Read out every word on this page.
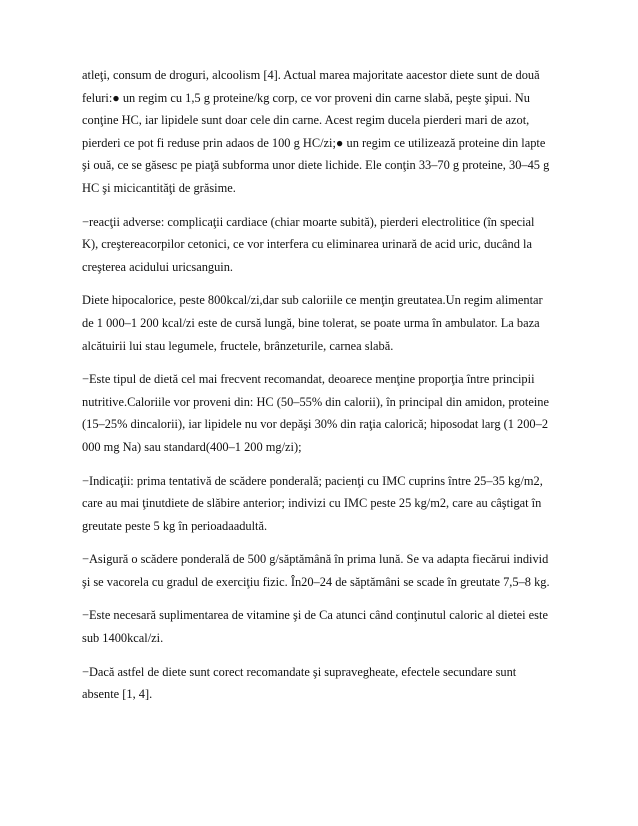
atleţi, consum de droguri, alcoolism [4]. Actual marea majoritate aacestor diete sunt de două feluri:● un regim cu 1,5 g proteine/kg corp, ce vor proveni din carne slabă, peşte şipui. Nu conţine HC, iar lipidele sunt doar cele din carne. Acest regim ducela pierderi mari de azot, pierderi ce pot fi reduse prin adaos de 100 g HC/zi;● un regim ce utilizează proteine din lapte şi ouă, ce se găsesc pe piaţă subforma unor diete lichide. Ele conţin 33–70 g proteine, 30–45 g HC şi micicantităţi de grăsime.

−reacţii adverse: complicaţii cardiace (chiar moarte subită), pierderi electrolitice (în special K), creşterea​corpilor cetonici, ce vor interfera cu eliminarea urinară de acid uric, ducând la creşterea acidului uricsanguin.

Diete hipocalorice, peste 800kcal/zi,dar sub caloriile ce menţin greutatea.Un regim alimentar de 1 000–1 200 kcal/zi este de cursă lungă, bine tolerat, se poate urma în ambulator. La baza alcătuirii lui stau legumele, fructele, brânzeturile, carnea slabă.

−Este tipul de dietă cel mai frecvent recomandat, deoarece menţine proporţia între principii nutritive.Caloriile vor proveni din: HC (50–55% din calorii), în principal din amidon, proteine (15–25% dincalorii), iar lipidele nu vor depăşi 30% din raţia calorică; hiposodat larg (1 200–2 000 mg Na) sau standard(400–1 200 mg/zi);

−Indicaţii: prima tentativă de scădere ponderală; pacienţi cu IMC cuprins între 25–35 kg/m2, care au mai ţinutdiete de slăbire anterior; indivizi cu IMC peste 25 kg/m2, care au câştigat în greutate peste 5 kg în perioadaadultă.

−Asigură o scădere ponderală de 500 g/săptămână în prima lună. Se va adapta fiecărui individ şi se vacorela cu gradul de exerciţiu fizic. În20–24 de săptămâni se scade în greutate 7,5–8 kg.

−Este necesară suplimentarea de vitamine şi de Ca atunci când conţinutul caloric al dietei este sub 1400kcal/zi.

−Dacă astfel de diete sunt corect recomandate şi supravegheate, efectele secundare sunt absente [1, 4].
